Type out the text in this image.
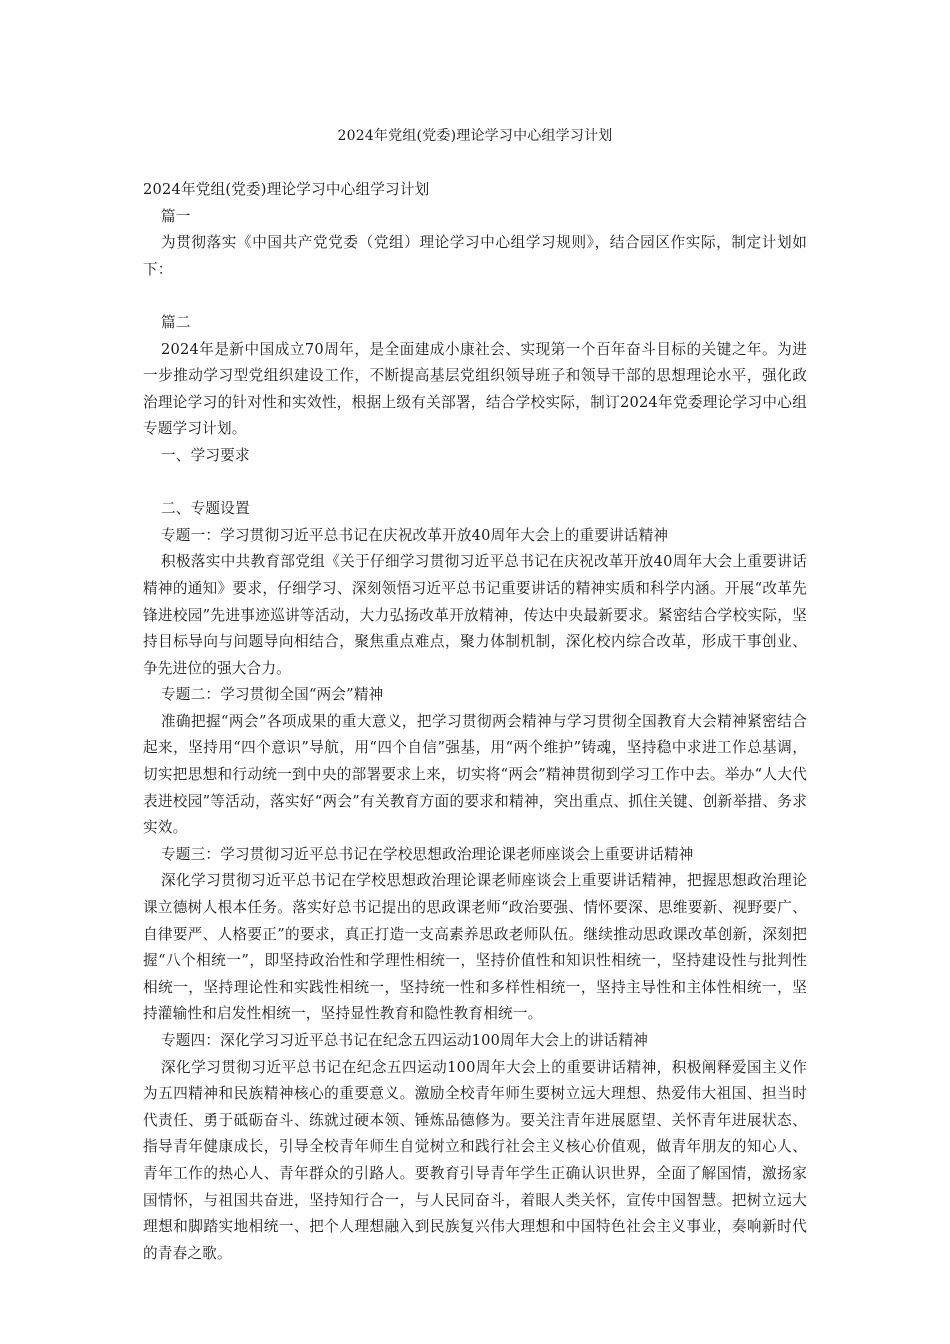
2024年党组(党委)理论学习中心组学习计划

2024年党组(党委)理论学习中心组学习计划

篇一

为贯彻落实《中国共产党党委（党组）理论学习中心组学习规则》，结合园区作实际，制定计划如下：

篇二

2024年是新中国成立70周年，是全面建成小康社会、实现第一个百年奋斗目标的关键之年。为进一步推动学习型党组织建设工作，不断提高基层党组织领导班子和领导干部的思想理论水平，强化政治理论学习的针对性和实效性，根据上级有关部署，结合学校实际，制订2024年党委理论学习中心组专题学习计划。

一、学习要求

二、专题设置

专题一：学习贯彻习近平总书记在庆祝改革开放40周年大会上的重要讲话精神

积极落实中共教育部党组《关于仔细学习贯彻习近平总书记在庆祝改革开放40周年大会上重要讲话精神的通知》要求，仔细学习、深刻领悟习近平总书记重要讲话的精神实质和科学内涵。开展“改革先锋进校园”先进事迹巡讲等活动，大力弘扬改革开放精神，传达中央最新要求。紧密结合学校实际，坚持目标导向与问题导向相结合，聚焦重点难点，聚力体制机制，深化校内综合改革，形成干事创业、争先进位的强大合力。

专题二：学习贯彻全国“两会”精神

准确把握“两会”各项成果的重大意义，把学习贯彻两会精神与学习贯彻全国教育大会精神紧密结合起来，坚持用“四个意识”导航，用“四个自信”强基，用“两个维护”铸魂，坚持稳中求进工作总基调，切实把思想和行动统一到中央的部署要求上来，切实将“两会”精神贯彻到学习工作中去。举办“人大代表进校园”等活动，落实好“两会”有关教育方面的要求和精神，突出重点、抓住关键、创新举措、务求实效。

专题三：学习贯彻习近平总书记在学校思想政治理论课老师座谈会上重要讲话精神

深化学习贯彻习近平总书记在学校思想政治理论课老师座谈会上重要讲话精神，把握思想政治理论课立德树人根本任务。落实好总书记提出的思政课老师“政治要强、情怀要深、思维要新、视野要广、自律要严、人格要正”的要求，真正打造一支高素养思政老师队伍。继续推动思政课改革创新，深刻把握“八个相统一”，即坚持政治性和学理性相统一，坚持价值性和知识性相统一，坚持建设性与批判性相统一，坚持理论性和实践性相统一，坚持统一性和多样性相统一，坚持主导性和主体性相统一，坚持灌输性和启发性相统一，坚持显性教育和隐性教育相统一。

专题四：深化学习习近平总书记在纪念五四运动100周年大会上的讲话精神

深化学习贯彻习近平总书记在纪念五四运动100周年大会上的重要讲话精神，积极阐释爱国主义作为五四精神和民族精神核心的重要意义。激励全校青年师生要树立远大理想、热爱伟大祖国、担当时代责任、勇于砥砺奋斗、练就过硬本领、锤炼品德修为。要关注青年进展愿望、关怀青年进展状态、指导青年健康成长，引导全校青年师生自觉树立和践行社会主义核心价值观，做青年朋友的知心人、青年工作的热心人、青年群众的引路人。要教育引导青年学生正确认识世界，全面了解国情，激扬家国情怀，与祖国共奋进，坚持知行合一，与人民同奋斗，着眼人类关怀，宣传中国智慧。把树立远大理想和脚踏实地相统一、把个人理想融入到民族复兴伟大理想和中国特色社会主义事业，奏响新时代的青春之歌。
